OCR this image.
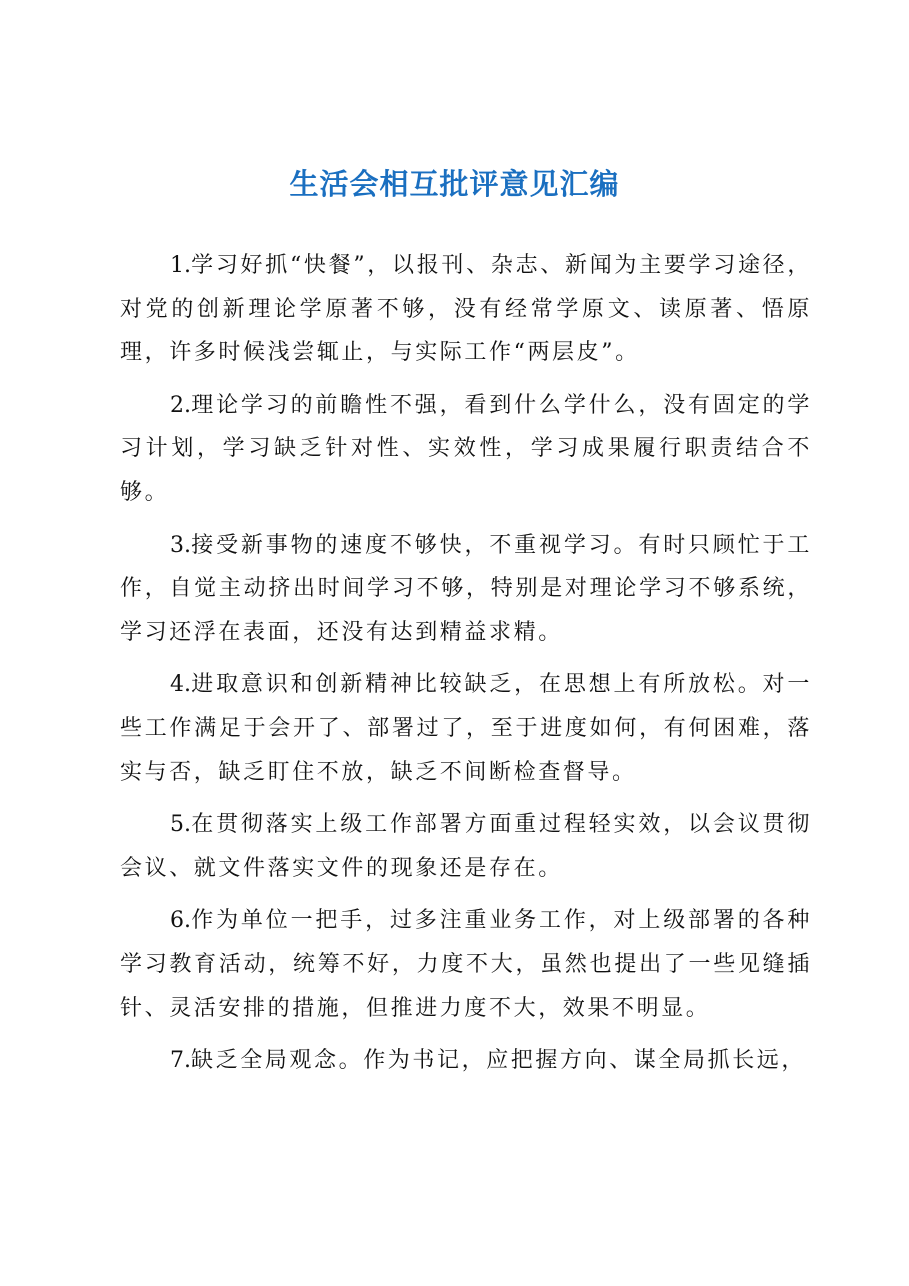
生活会相互批评意见汇编

1.学习好抓“快餐”，以报刊、杂志、新闻为主要学习途径，对党的创新理论学原著不够，没有经常学原文、读原著、悟原理，许多时候浅尝辄止，与实际工作“两层皮”。

2.理论学习的前瞻性不强，看到什么学什么，没有固定的学习计划，学习缺乏针对性、实效性，学习成果履行职责结合不够。

3.接受新事物的速度不够快，不重视学习。有时只顾忙于工作，自觉主动挤出时间学习不够，特别是对理论学习不够系统，学习还浮在表面，还没有达到精益求精。

4.进取意识和创新精神比较缺乏，在思想上有所放松。对一些工作满足于会开了、部署过了，至于进度如何，有何困难，落实与否，缺乏盯住不放，缺乏不间断检查督导。

5.在贯彻落实上级工作部署方面重过程轻实效，以会议贯彻会议、就文件落实文件的现象还是存在。

6.作为单位一把手，过多注重业务工作，对上级部署的各种学习教育活动，统筹不好，力度不大，虽然也提出了一些见缝插针、灵活安排的措施，但推进力度不大，效果不明显。

7.缺乏全局观念。作为书记，应把握方向、谋全局抓长远，
